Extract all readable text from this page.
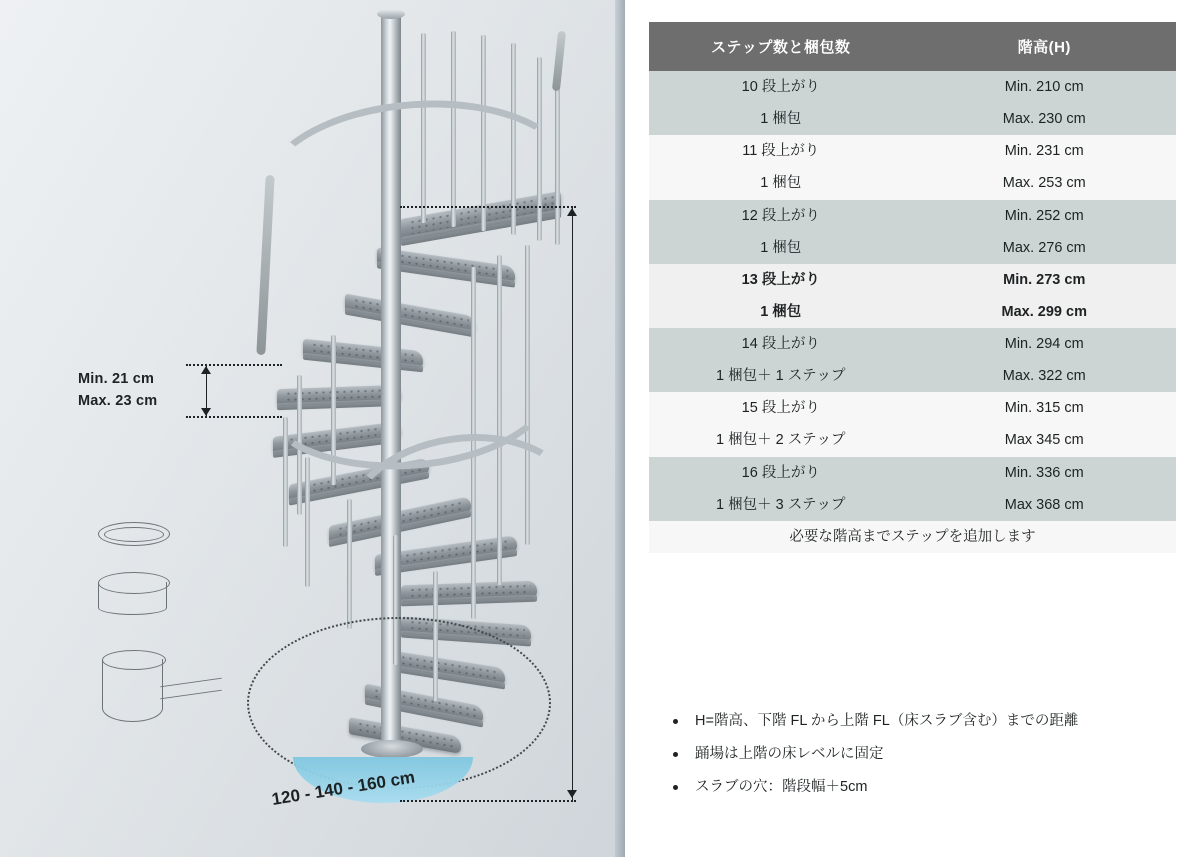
Min. 21 cm
Max. 23 cm
120 - 140 - 160 cm
ステップ数と梱包数	階高(H)
10 段上がり	Min. 210 cm
1 梱包	Max. 230 cm
11 段上がり	Min. 231 cm
1 梱包	Max. 253 cm
12 段上がり	Min. 252 cm
1 梱包	Max. 276 cm
13 段上がり	Min. 273 cm
1 梱包	Max. 299 cm
14 段上がり	Min. 294 cm
1 梱包＋ 1 ステップ	Max. 322 cm
15 段上がり	Min. 315 cm
1 梱包＋ 2 ステップ	Max 345 cm
16 段上がり	Min. 336 cm
1 梱包＋ 3 ステップ	Max 368 cm
必要な階高までステップを追加します	
H=階高、下階 FL から上階 FL（床スラブ含む）までの距離
踊場は上階の床レベルに固定
スラブの穴：階段幅＋5cm
